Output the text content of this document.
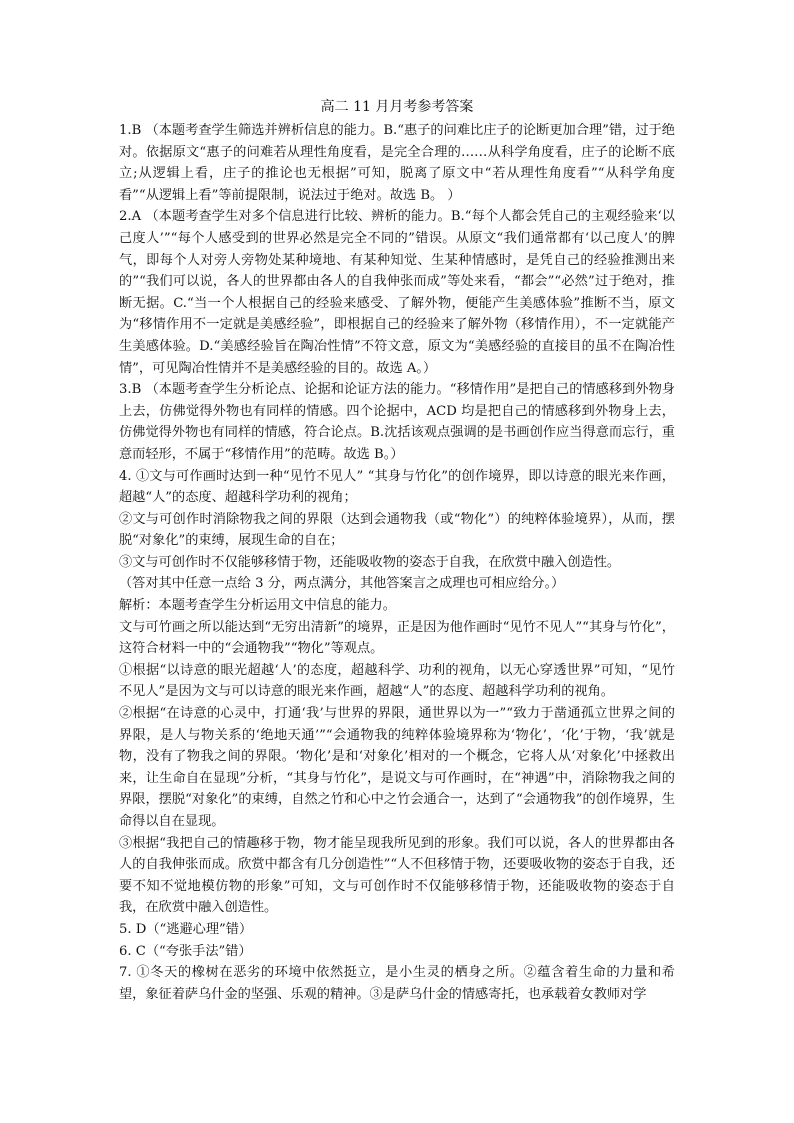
高二 11 月月考参考答案

1.B （本题考查学生筛选并辨析信息的能力。B.“惠子的问难比庄子的论断更加合理”错，过于绝对。依据原文“惠子的问难若从理性角度看，是完全合理的……从科学角度看，庄子的论断不底立;从逻辑上看，庄子的推论也无根据”可知，脱离了原文中“若从理性角度看”“从科学角度看”“从逻辑上看”等前提限制，说法过于绝对。故选 B。 ）

2.A （本题考查学生对多个信息进行比较、辨析的能力。B.“每个人都会凭自己的主观经验来‘以己度人’”“每个人感受到的世界必然是完全不同的”错误。从原文“我们通常都有‘以己度人’的脾气，即每个人对旁人旁物处某种境地、有某种知觉、生某种情感时，是凭自己的经验推测出来的”“我们可以说，各人的世界都由各人的自我伸张而成”等处来看，“都会”“必然”过于绝对，推断无据。C.“当一个人根据自己的经验来感受、了解外物，便能产生美感体验”推断不当，原文为“移情作用不一定就是美感经验”，即根据自己的经验来了解外物（移情作用），不一定就能产生美感体验。D.“美感经验旨在陶冶性情”不符文意，原文为“美感经验的直接目的虽不在陶冶性情”，可见陶冶性情并不是美感经验的目的。故选 A。）

3.B （本题考查学生分析论点、论据和论证方法的能力。“移情作用”是把自己的情感移到外物身上去，仿佛觉得外物也有同样的情感。四个论据中，ACD 均是把自己的情感移到外物身上去，仿佛觉得外物也有同样的情感，符合论点。B.沈括该观点强调的是书画创作应当得意而忘行，重意而轻形，不属于“移情作用”的范畴。故选 B。）

4. ①文与可作画时达到一种“见竹不见人” “其身与竹化”的创作境界，即以诗意的眼光来作画，超越“人”的态度、超越科学功利的视角；

②文与可创作时消除物我之间的界限（达到会通物我（或“物化”）的纯粹体验境界），从而，摆脱“对象化”的束缚，展现生命的自在；

③文与可创作时不仅能够移情于物，还能吸收物的姿态于自我，在欣赏中融入创造性。

（答对其中任意一点给 3 分，两点满分，其他答案言之成理也可相应给分。）

解析：本题考查学生分析运用文中信息的能力。

文与可竹画之所以能达到“无穷出清新”的境界，正是因为他作画时“见竹不见人”“其身与竹化”，这符合材料一中的“会通物我”“物化”等观点。

①根据“以诗意的眼光超越‘人’的态度，超越科学、功利的视角，以无心穿透世界”可知，“见竹不见人”是因为文与可以诗意的眼光来作画，超越“人”的态度、超越科学功利的视角。

②根据“在诗意的心灵中，打通‘我’与世界的界限，通世界以为一”“致力于凿通孤立世界之间的界限，是人与物关系的‘绝地天通’”“会通物我的纯粹体验境界称为‘物化’，‘化’于物，‘我’就是物，没有了物我之间的界限。‘物化’是和‘对象化’相对的一个概念，它将人从‘对象化’中拯救出来，让生命自在显现”分析，“其身与竹化”，是说文与可作画时，在“神遇”中，消除物我之间的界限，摆脱“对象化”的束缚，自然之竹和心中之竹会通合一，达到了“会通物我”的创作境界，生命得以自在显现。

③根据“我把自己的情趣移于物，物才能呈现我所见到的形象。我们可以说，各人的世界都由各人的自我伸张而成。欣赏中都含有几分创造性”“人不但移情于物，还要吸收物的姿态于自我，还要不知不觉地模仿物的形象”可知，文与可创作时不仅能够移情于物，还能吸收物的姿态于自我，在欣赏中融入创造性。

5. D（“逃避心理”错）

6. C（“夸张手法”错）

7. ①冬天的橡树在恶劣的环境中依然挺立，是小生灵的栖身之所。②蕴含着生命的力量和希望，象征着萨乌什金的坚强、乐观的精神。③是萨乌什金的情感寄托，也承载着女教师对学
